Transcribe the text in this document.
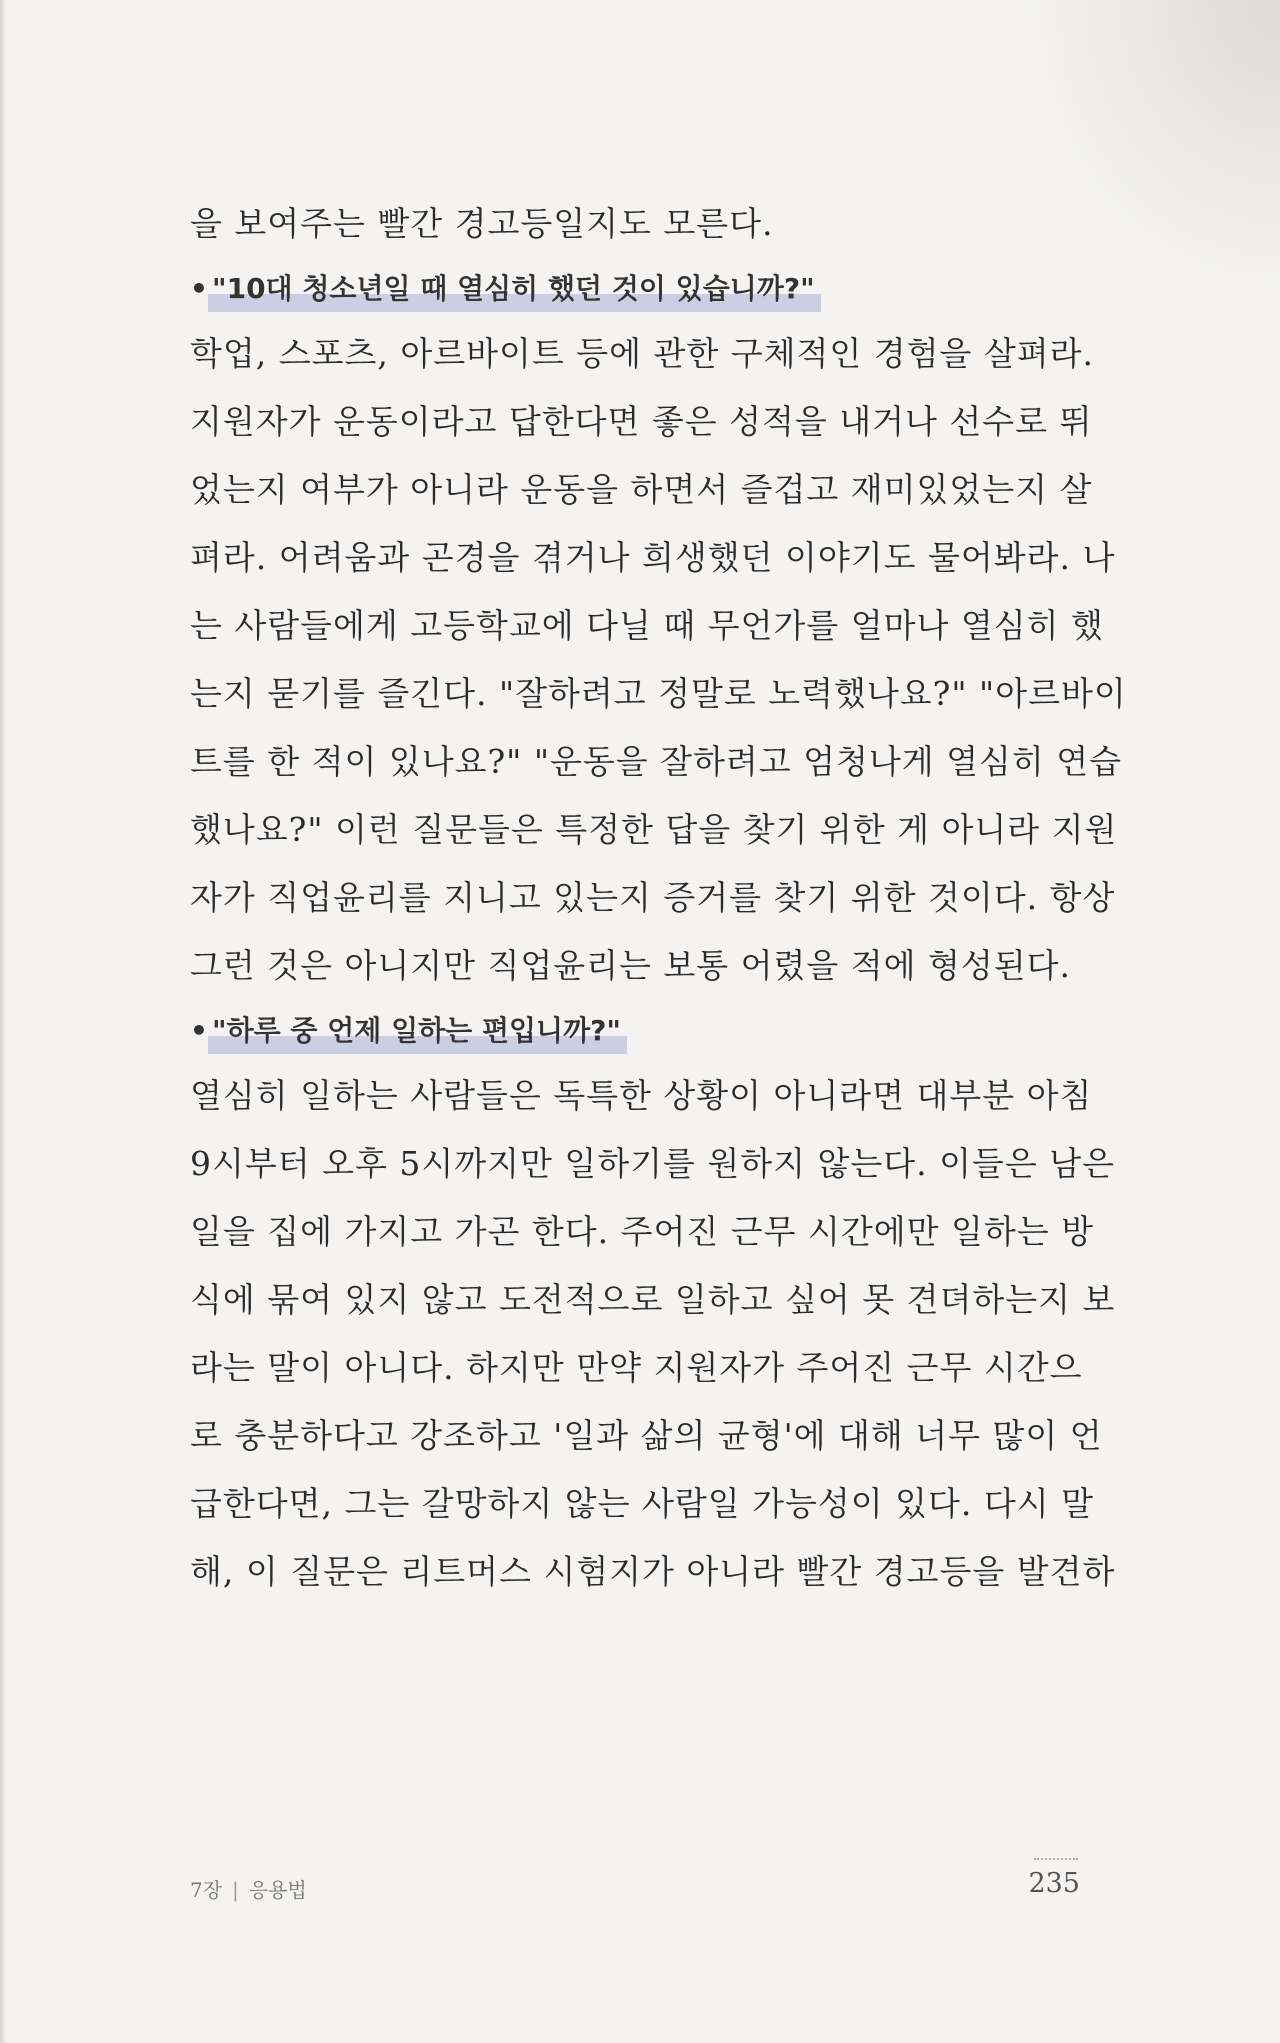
을 보여주는 빨간 경고등일지도 모른다.
• "10대 청소년일 때 열심히 했던 것이 있습니까?"
학업, 스포츠, 아르바이트 등에 관한 구체적인 경험을 살펴라.
지원자가 운동이라고 답한다면 좋은 성적을 내거나 선수로 뛰
었는지 여부가 아니라 운동을 하면서 즐겁고 재미있었는지 살
펴라. 어려움과 곤경을 겪거나 희생했던 이야기도 물어봐라. 나
는 사람들에게 고등학교에 다닐 때 무언가를 얼마나 열심히 했
는지 묻기를 즐긴다. "잘하려고 정말로 노력했나요?" "아르바이
트를 한 적이 있나요?" "운동을 잘하려고 엄청나게 열심히 연습
했나요?" 이런 질문들은 특정한 답을 찾기 위한 게 아니라 지원
자가 직업윤리를 지니고 있는지 증거를 찾기 위한 것이다. 항상
그런 것은 아니지만 직업윤리는 보통 어렸을 적에 형성된다.
• "하루 중 언제 일하는 편입니까?"
열심히 일하는 사람들은 독특한 상황이 아니라면 대부분 아침
9시부터 오후 5시까지만 일하기를 원하지 않는다. 이들은 남은
일을 집에 가지고 가곤 한다. 주어진 근무 시간에만 일하는 방
식에 묶여 있지 않고 도전적으로 일하고 싶어 못 견뎌하는지 보
라는 말이 아니다. 하지만 만약 지원자가 주어진 근무 시간으
로 충분하다고 강조하고 '일과 삶의 균형'에 대해 너무 많이 언
급한다면, 그는 갈망하지 않는 사람일 가능성이 있다. 다시 말
해, 이 질문은 리트머스 시험지가 아니라 빨간 경고등을 발견하
7장 | 응용법	235
